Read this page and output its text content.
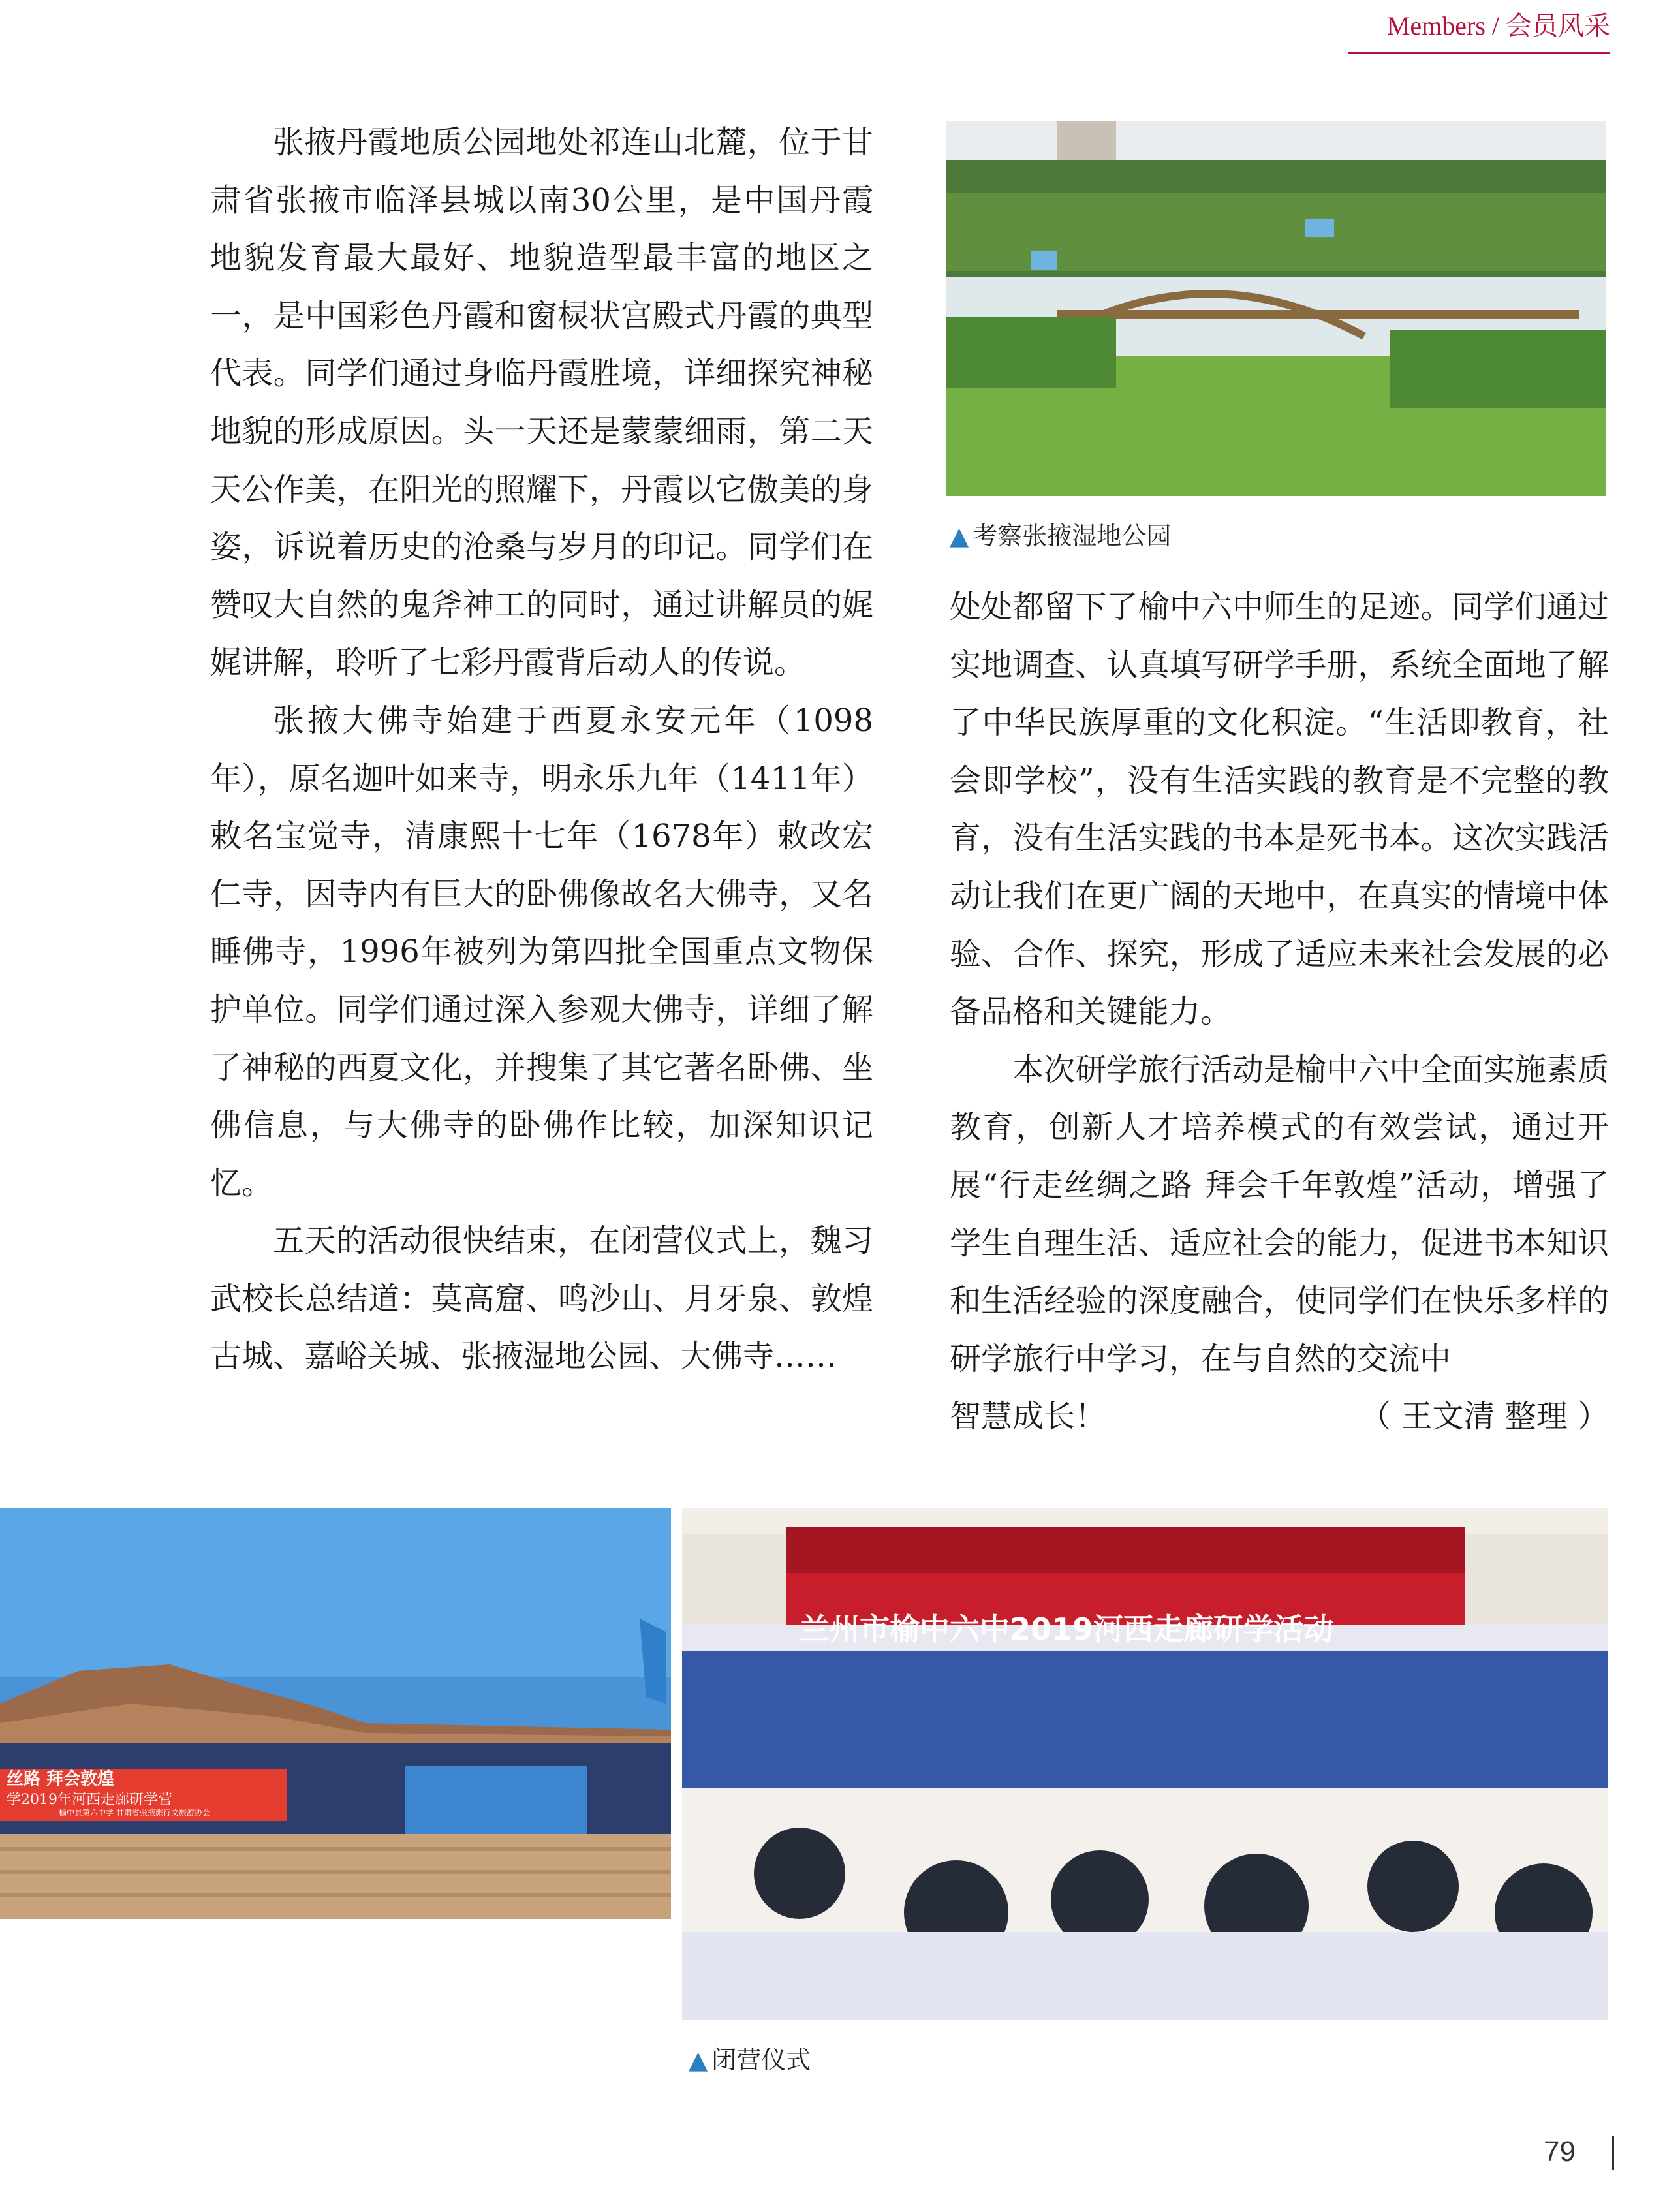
Members / 会员风采

张掖丹霞地质公园地处祁连山北麓，位于甘肃省张掖市临泽县城以南30公里，是中国丹霞地貌发育最大最好、地貌造型最丰富的地区之一，是中国彩色丹霞和窗棂状宫殿式丹霞的典型代表。同学们通过身临丹霞胜境，详细探究神秘地貌的形成原因。头一天还是蒙蒙细雨，第二天天公作美，在阳光的照耀下，丹霞以它傲美的身姿，诉说着历史的沧桑与岁月的印记。同学们在赞叹大自然的鬼斧神工的同时，通过讲解员的娓娓讲解，聆听了七彩丹霞背后动人的传说。

张掖大佛寺始建于西夏永安元年（1098年），原名迦叶如来寺，明永乐九年（1411年）敕名宝觉寺，清康熙十七年（1678年）敕改宏仁寺，因寺内有巨大的卧佛像故名大佛寺，又名睡佛寺，1996年被列为第四批全国重点文物保护单位。同学们通过深入参观大佛寺，详细了解了神秘的西夏文化，并搜集了其它著名卧佛、坐佛信息，与大佛寺的卧佛作比较，加深知识记忆。

五天的活动很快结束，在闭营仪式上，魏习武校长总结道：莫高窟、鸣沙山、月牙泉、敦煌古城、嘉峪关城、张掖湿地公园、大佛寺……

▲ 考察张掖湿地公园

处处都留下了榆中六中师生的足迹。同学们通过实地调查、认真填写研学手册，系统全面地了解了中华民族厚重的文化积淀。“生活即教育，社会即学校”，没有生活实践的教育是不完整的教育，没有生活实践的书本是死书本。这次实践活动让我们在更广阔的天地中，在真实的情境中体验、合作、探究，形成了适应未来社会发展的必备品格和关键能力。

本次研学旅行活动是榆中六中全面实施素质教育，创新人才培养模式的有效尝试，通过开展“行走丝绸之路 拜会千年敦煌”活动，增强了学生自理生活、适应社会的能力，促进书本知识和生活经验的深度融合，使同学们在快乐多样的研学旅行中学习，在与自然的交流中

智慧成长！	（ 王文清 整理 ）

丝路 拜会敦煌
学2019年河西走廊研学营
榆中县第六中学 甘肃省张掖旅行文旅游协会
兰州市榆中六中2019河西走廊研学活动
▲ 闭营仪式
79
